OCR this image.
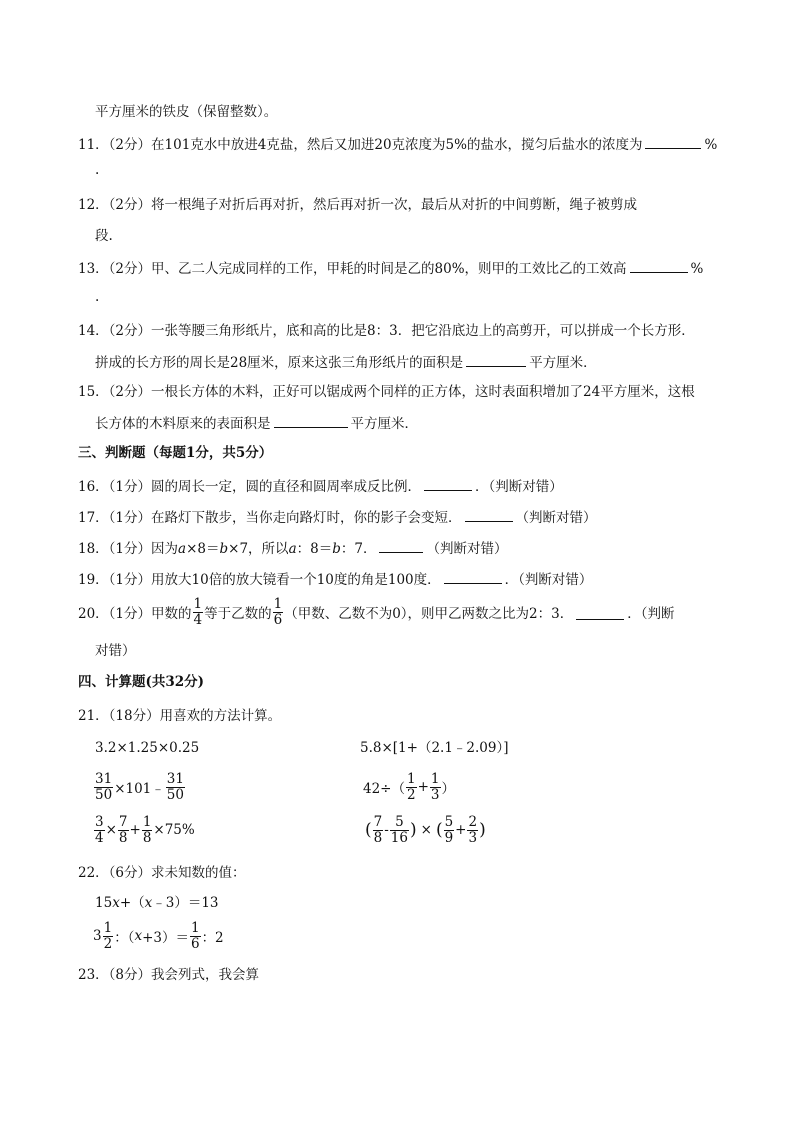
平方厘米的铁皮（保留整数）。
11．（2分）在101克水中放进4克盐，然后又加进20克浓度为5%的盐水，搅匀后盐水的浓度为	%
.
12．（2分）将一根绳子对折后再对折，然后再对折一次，最后从对折的中间剪断，绳子被剪成
段.
13．（2分）甲、乙二人完成同样的工作，甲耗的时间是乙的80%，则甲的工效比乙的工效高	%
.
14．（2分）一张等腰三角形纸片，底和高的比是8：3．把它沿底边上的高剪开，可以拼成一个长方形．
拼成的长方形的周长是28厘米，原来这张三角形纸片的面积是	平方厘米．
15．（2分）一根长方体的木料，正好可以锯成两个同样的正方体，这时表面积增加了24平方厘米，这根
长方体的木料原来的表面积是	平方厘米．
三、判断题（每题1分，共5分）
16．（1分）圆的周长一定，圆的直径和圆周率成反比例．	．（判断对错）
17．（1分）在路灯下散步，当你走向路灯时，你的影子会变短．	（判断对错）
18．（1分）因为a×8＝b×7，所以a：8＝b：7．	（判断对错）
19．（1分）用放大10倍的放大镜看一个10度的角是100度．	．（判断对错）
20．（1分）甲数的 $\frac{1}{4}$ 等于乙数的 $\frac{1}{6}$ （甲数、乙数不为0），则甲乙两数之比为2：3．	．（判断
对错）
四、计算题(共32分)
21．（18分）用喜欢的方法计算。
3.2×1.25×0.25	5.8×[1+（2.1﹣2.09）]
$\frac{31}{50}$ ×101﹣ $\frac{31}{50}$	$42\div( \frac{1}{2} + \frac{1}{3}$ ）
$\frac{3}{4} \times \frac{7}{8} + \frac{1}{8} \times 75\%$	( $\frac{7}{8} - \frac{5}{16}$ ) × ( $\frac{5}{9} + \frac{2}{3}$ )
22．（6分）求未知数的值：
15x+（x﹣3）＝13
$3 \frac{1}{2}$ ：（ $x +3)= \frac{1}{6}$ ：2
23．（8分）我会列式，我会算
